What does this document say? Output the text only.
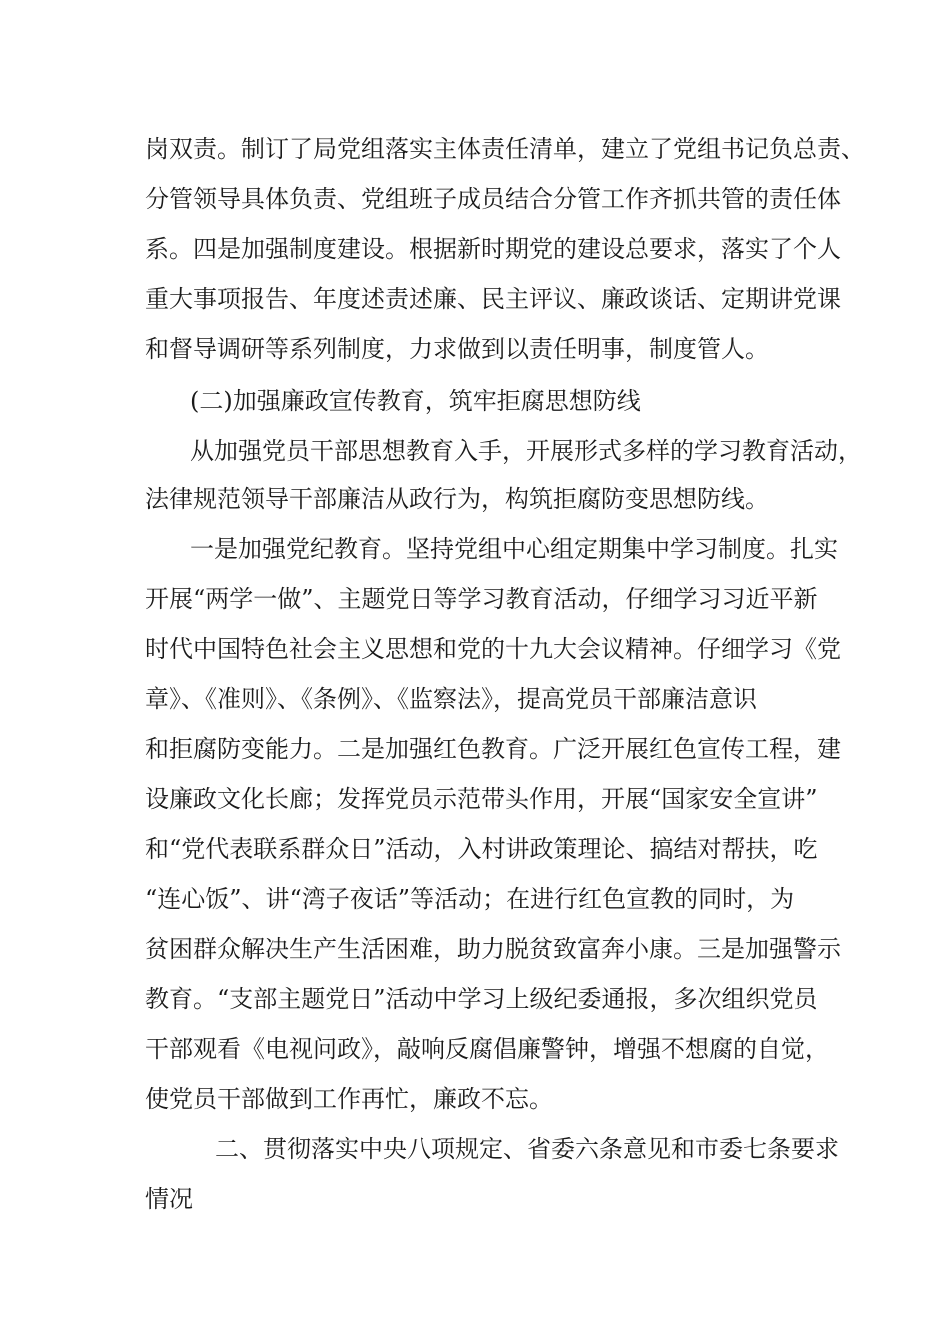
岗双责。制订了局党组落实主体责任清单，建立了党组书记负总责、
分管领导具体负责、党组班子成员结合分管工作齐抓共管的责任体
系。四是加强制度建设。根据新时期党的建设总要求，落实了个人
重大事项报告、年度述责述廉、民主评议、廉政谈话、定期讲党课
和督导调研等系列制度，力求做到以责任明事，制度管人。
(二)加强廉政宣传教育，筑牢拒腐思想防线
从加强党员干部思想教育入手，开展形式多样的学习教育活动，
法律规范领导干部廉洁从政行为，构筑拒腐防变思想防线。
一是加强党纪教育。坚持党组中心组定期集中学习制度。扎实
开展“两学一做”、主题党日等学习教育活动，仔细学习习近平新
时代中国特色社会主义思想和党的十九大会议精神。仔细学习《党
章》、《准则》、《条例》、《监察法》，提高党员干部廉洁意识
和拒腐防变能力。二是加强红色教育。广泛开展红色宣传工程，建
设廉政文化长廊；发挥党员示范带头作用，开展“国家安全宣讲”
和“党代表联系群众日”活动，入村讲政策理论、搞结对帮扶，吃
“连心饭”、讲“湾子夜话”等活动；在进行红色宣教的同时，为
贫困群众解决生产生活困难，助力脱贫致富奔小康。三是加强警示
教育。“支部主题党日”活动中学习上级纪委通报，多次组织党员
干部观看《电视问政》，敲响反腐倡廉警钟，增强不想腐的自觉，
使党员干部做到工作再忙，廉政不忘。
二、贯彻落实中央八项规定、省委六条意见和市委七条要求
情况
